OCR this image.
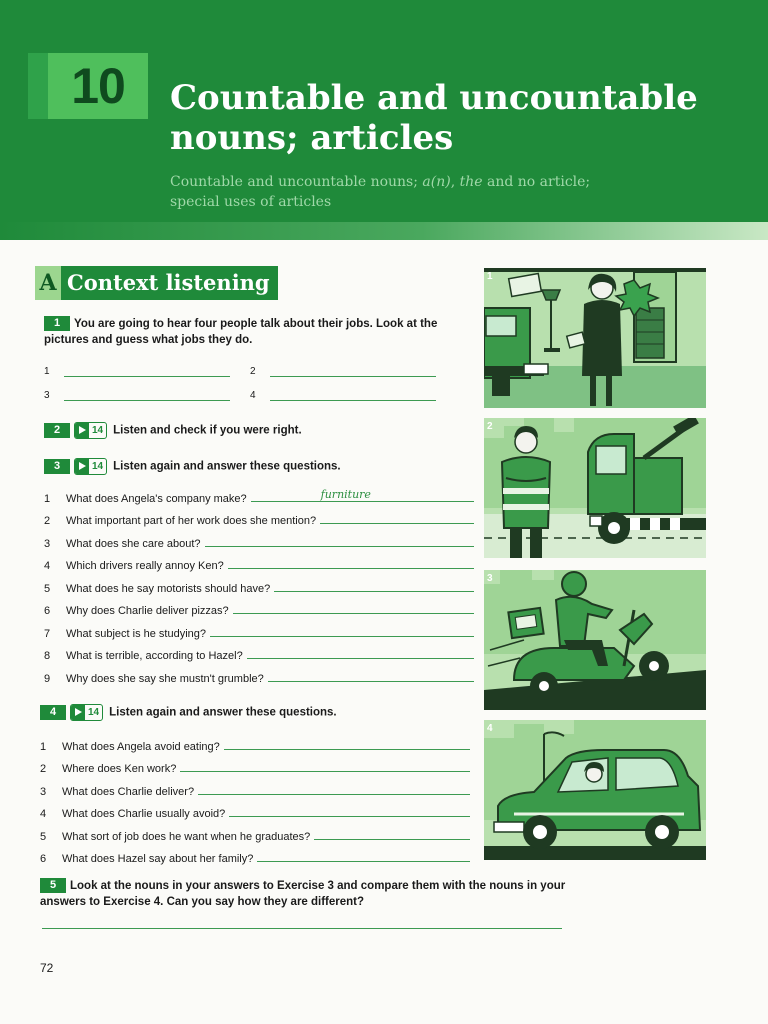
10	Countable and uncountable
nouns; articles
Countable and uncountable nouns; a(n), the and no article;
special uses of articles
A Context listening
1 You are going to hear four people talk about their jobs. Look at the pictures and guess what jobs they do.
1	2
3	4
2	14 Listen and check if you were right.
3	14 Listen again and answer these questions.
1	What does Angela's company make?	furniture
2	What important part of her work does she mention?
3	What does she care about?
4	Which drivers really annoy Ken?
5	What does he say motorists should have?
6	Why does Charlie deliver pizzas?
7	What subject is he studying?
8	What is terrible, according to Hazel?
9	Why does she say she mustn't grumble?
4	14 Listen again and answer these questions.
1	What does Angela avoid eating?
2	Where does Ken work?
3	What does Charlie deliver?
4	What does Charlie usually avoid?
5	What sort of job does he want when he graduates?
6	What does Hazel say about her family?
5 Look at the nouns in your answers to Exercise 3 and compare them with the nouns in your answers to Exercise 4. Can you say how they are different?
72
1
2
3
4
